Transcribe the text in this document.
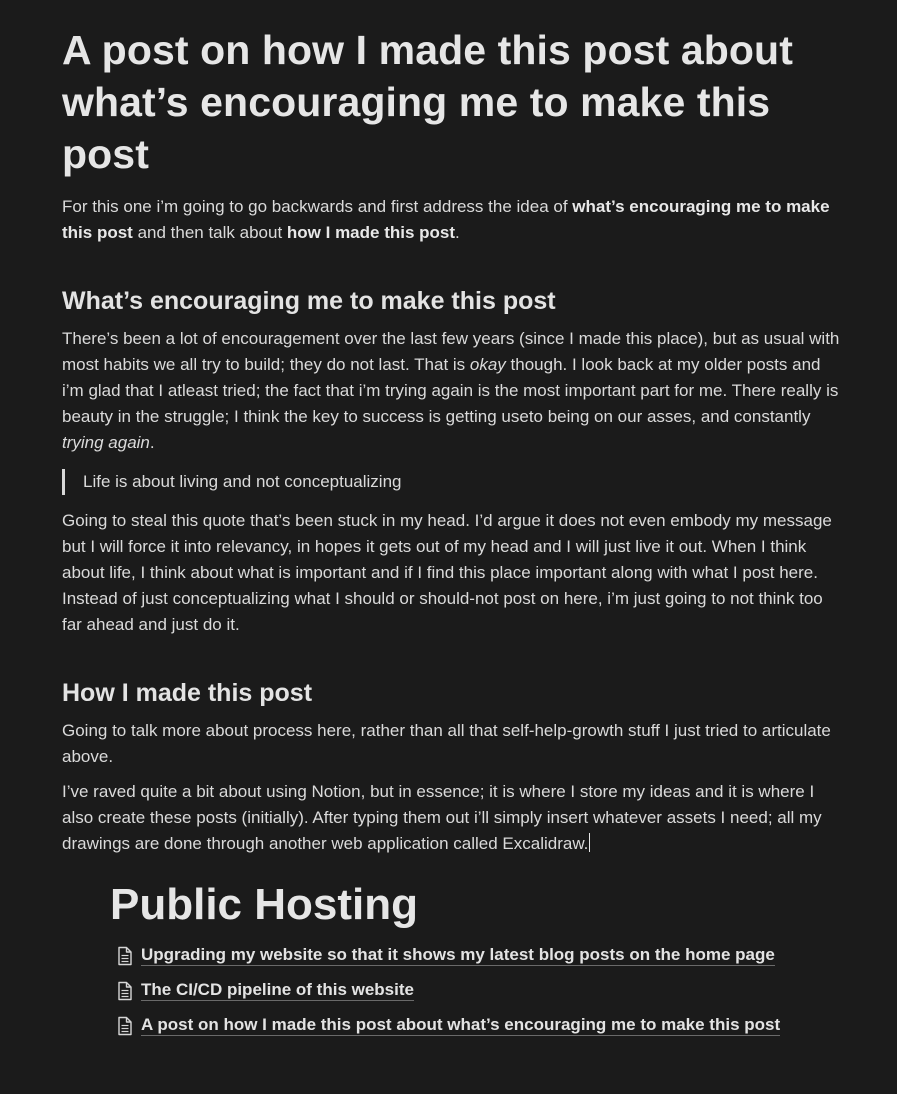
A post on how I made this post about what’s encouraging me to make this post

For this one i’m going to go backwards and first address the idea of what’s encouraging me to make this post and then talk about how I made this post.

What’s encouraging me to make this post

There’s been a lot of encouragement over the last few years (since I made this place), but as usual with most habits we all try to build; they do not last. That is okay though. I look back at my older posts and i’m glad that I atleast tried; the fact that i’m trying again is the most important part for me. There really is beauty in the struggle; I think the key to success is getting useto being on our asses, and constantly trying again.

Life is about living and not conceptualizing

Going to steal this quote that’s been stuck in my head. I’d argue it does not even embody my message but I will force it into relevancy, in hopes it gets out of my head and I will just live it out. When I think about life, I think about what is important and if I find this place important along with what I post here. Instead of just conceptualizing what I should or should-not post on here, i’m just going to not think too far ahead and just do it.

How I made this post

Going to talk more about process here, rather than all that self-help-growth stuff I just tried to articulate above.

I’ve raved quite a bit about using Notion, but in essence; it is where I store my ideas and it is where I also create these posts (initially). After typing them out i’ll simply insert whatever assets I need; all my drawings are done through another web application called Excalidraw.

Public Hosting
Upgrading my website so that it shows my latest blog posts on the home page
The CI/CD pipeline of this website
A post on how I made this post about what’s encouraging me to make this post
